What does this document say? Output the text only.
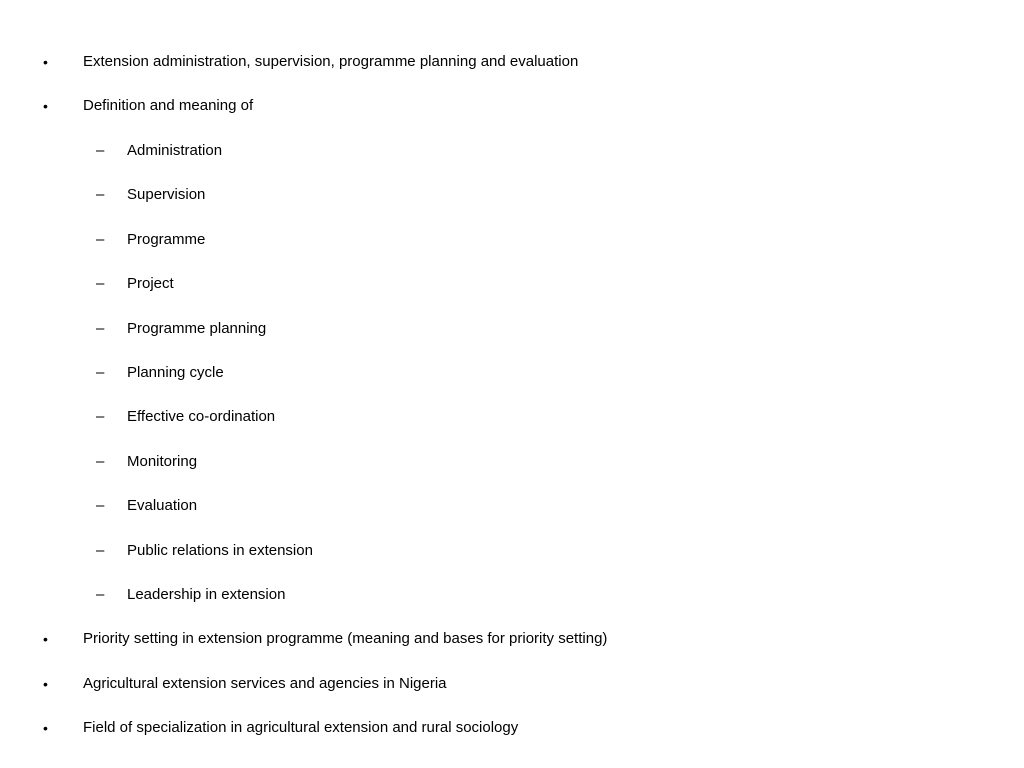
• Extension administration, supervision, programme planning and evaluation
• Definition and meaning of
– Administration
– Supervision
– Programme
– Project
– Programme planning
– Planning cycle
– Effective co-ordination
– Monitoring
– Evaluation
– Public relations in extension
– Leadership in extension
• Priority setting in extension programme (meaning and bases for priority setting)
• Agricultural extension services and agencies in Nigeria
• Field of specialization in agricultural extension and rural sociology
